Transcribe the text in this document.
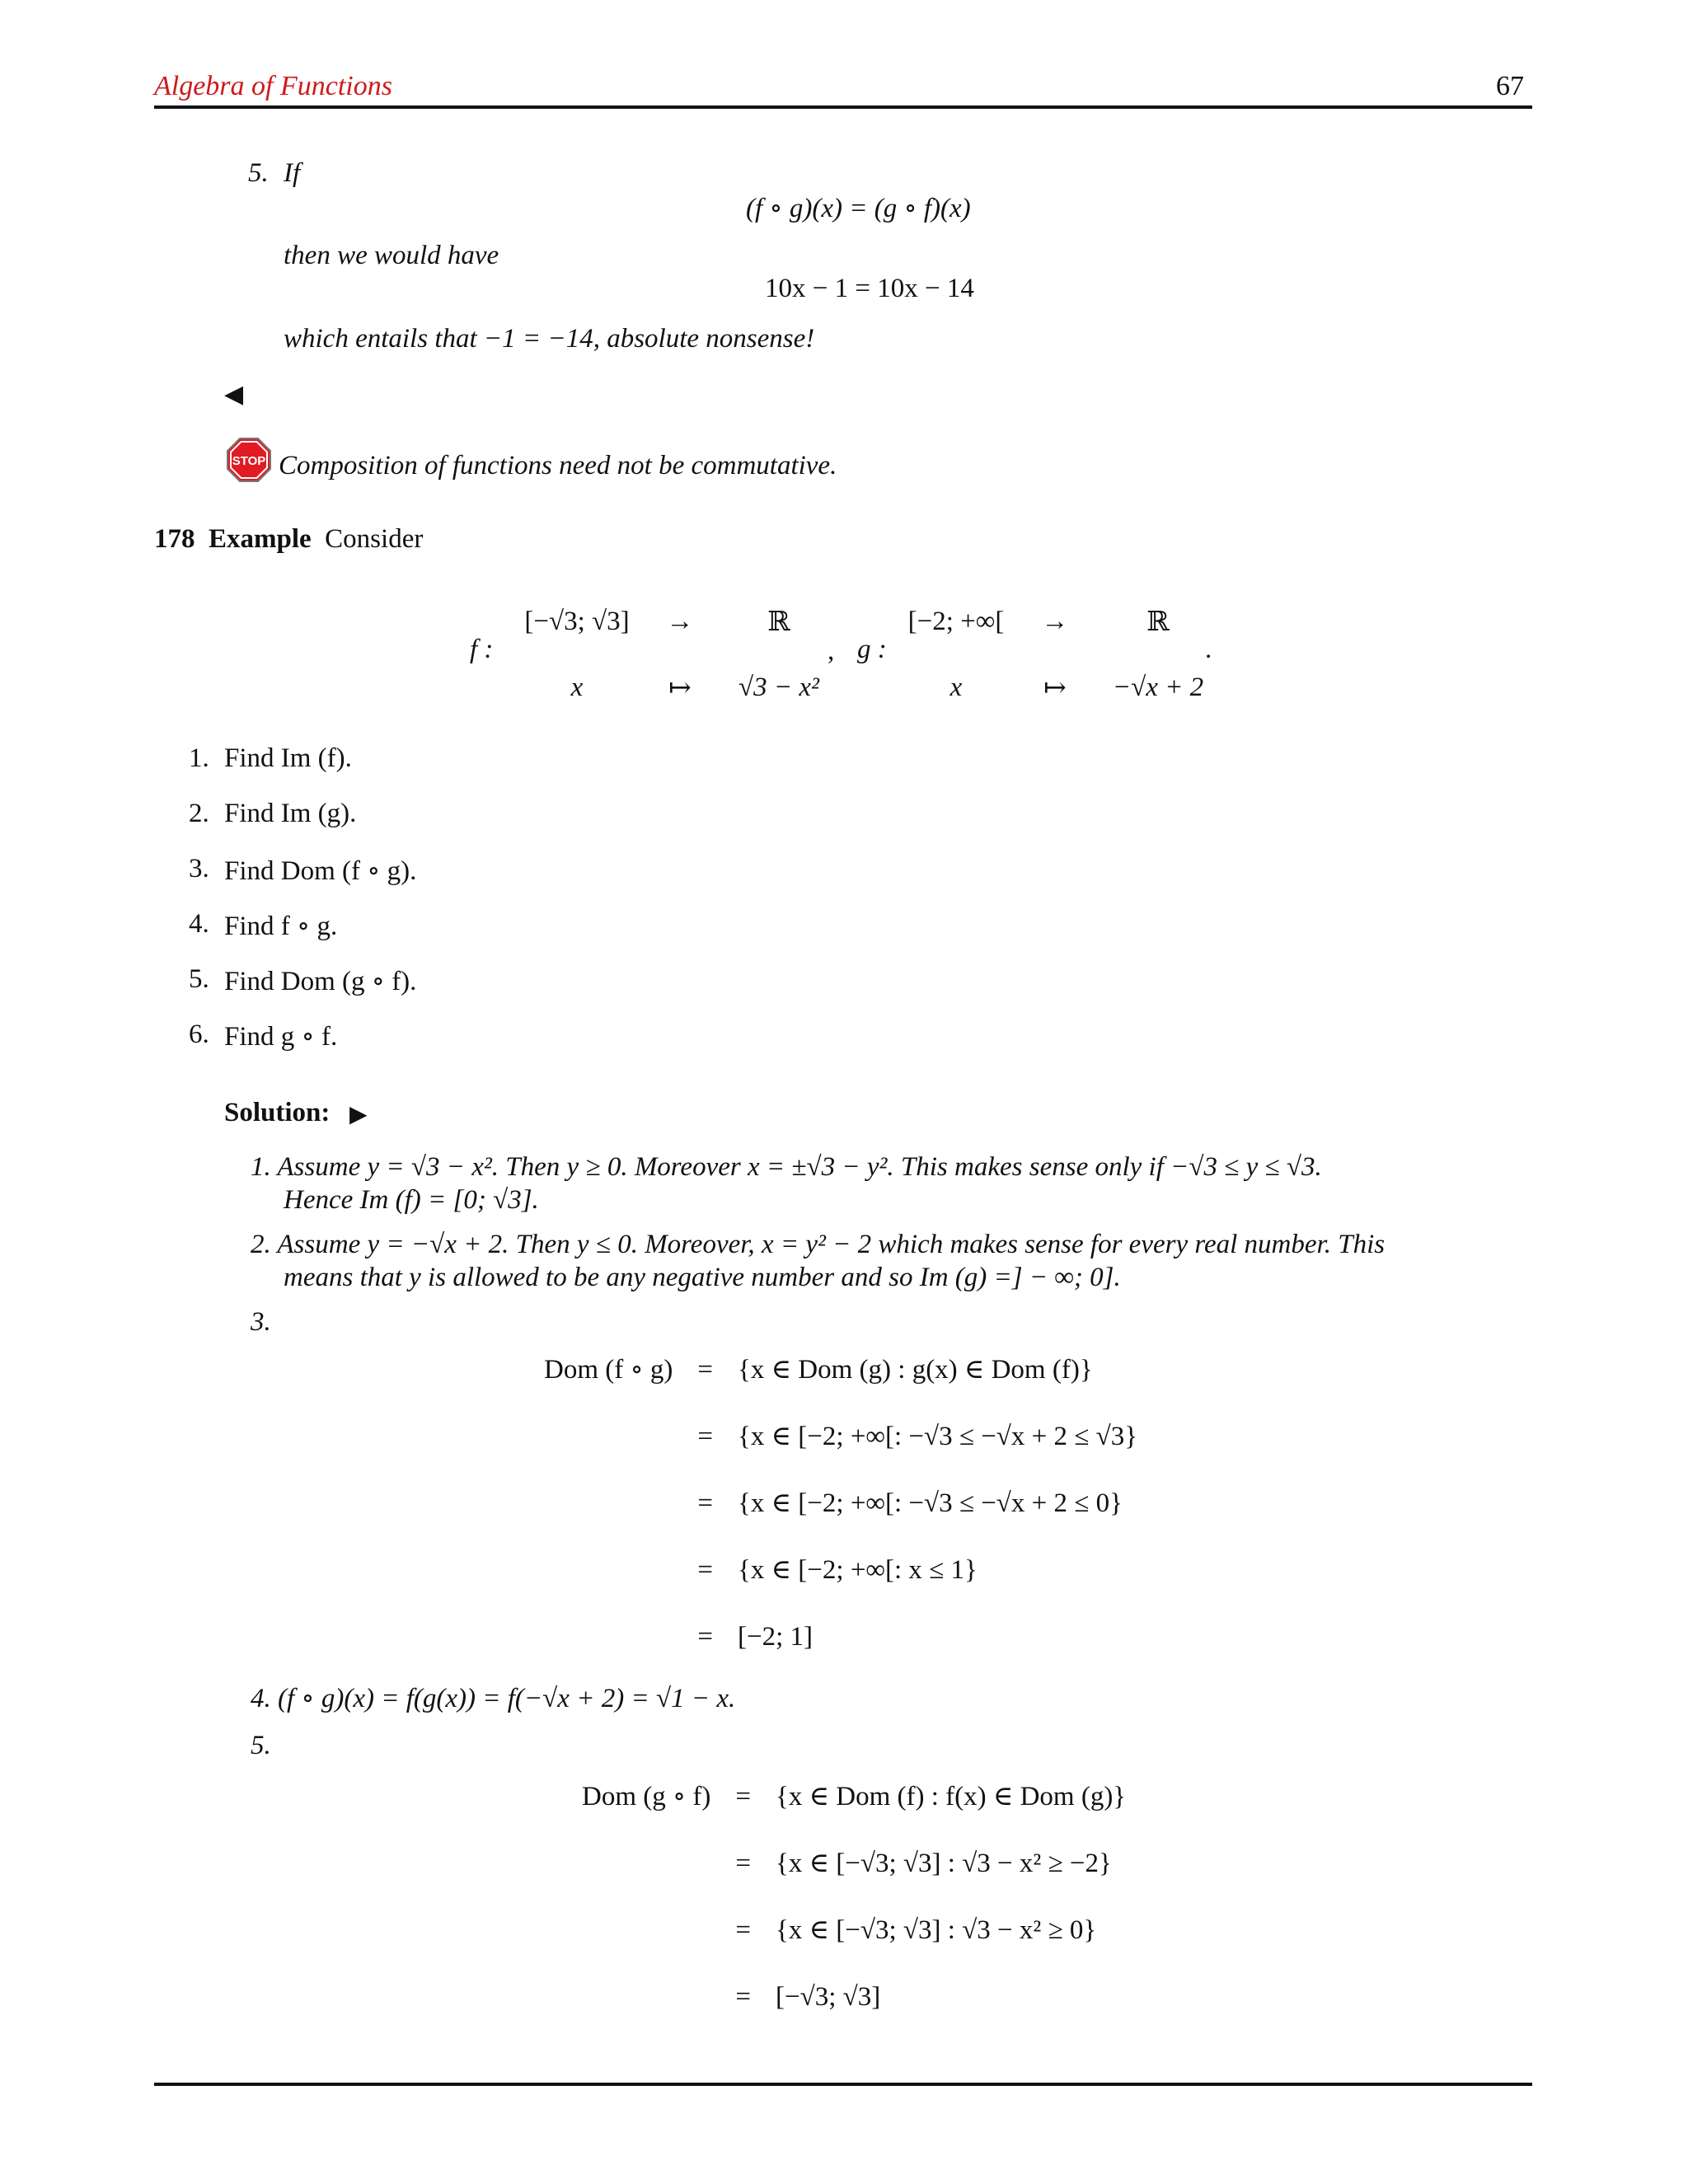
Algebra of Functions	67
5. If
(f ∘ g)(x) = (g ∘ f)(x)
then we would have
10x − 1 = 10x − 14
which entails that −1 = −14, absolute nonsense!
◀
STOP Composition of functions need not be commutative.
178 Example Consider
f :
[−√3; √3]	→	ℝ
x	↦	√3 − x²
, g :
[−2; +∞[	→	ℝ
x	↦	−√x + 2
.
1. Find Im (f).
2. Find Im (g).
3. Find Dom (f ∘ g).
4. Find f ∘ g.
5. Find Dom (g ∘ f).
6. Find g ∘ f.
Solution: ▶
1. Assume y = √3 − x². Then y ≥ 0. Moreover x = ±√3 − y². This makes sense only if −√3 ≤ y ≤ √3.
Hence Im (f) = [0; √3].
2. Assume y = −√x + 2. Then y ≤ 0. Moreover, x = y² − 2 which makes sense for every real number. This
means that y is allowed to be any negative number and so Im (g) =] − ∞; 0].
3.
Dom (f ∘ g) = {x ∈ Dom (g) : g(x) ∈ Dom (f)}
= {x ∈ [−2; +∞[: −√3 ≤ −√x + 2 ≤ √3}
= {x ∈ [−2; +∞[: −√3 ≤ −√x + 2 ≤ 0}
= {x ∈ [−2; +∞[: x ≤ 1}
= [−2; 1]
4. (f ∘ g)(x) = f(g(x)) = f(−√x + 2) = √1 − x.
5.
Dom (g ∘ f) = {x ∈ Dom (f) : f(x) ∈ Dom (g)}
= {x ∈ [−√3; √3] : √3 − x² ≥ −2}
= {x ∈ [−√3; √3] : √3 − x² ≥ 0}
= [−√3; √3]
